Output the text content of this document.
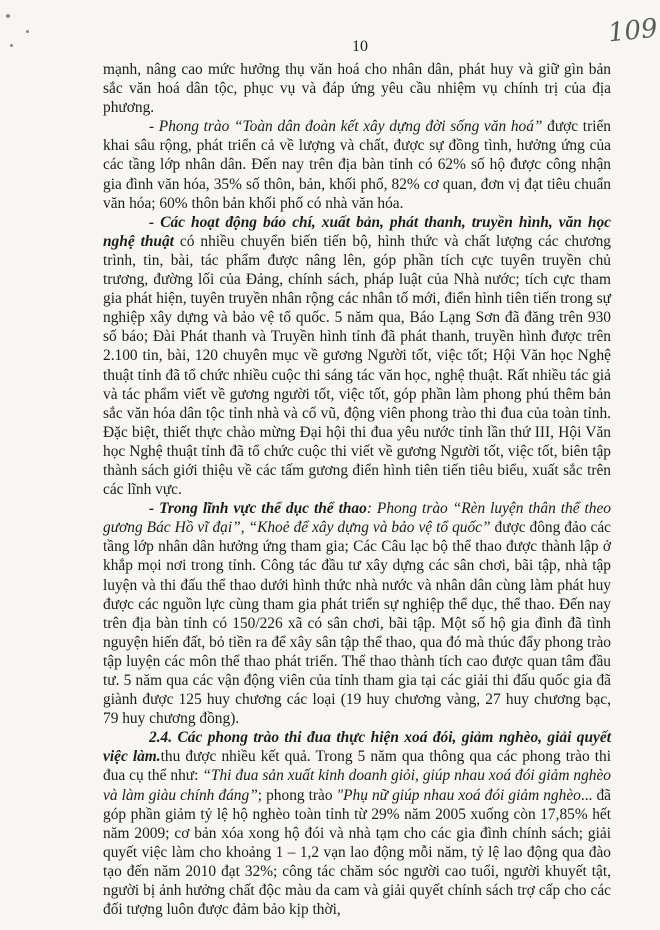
10	109

mạnh, nâng cao mức hưởng thụ văn hoá cho nhân dân, phát huy và giữ gìn bản sắc văn hoá dân tộc, phục vụ và đáp ứng yêu cầu nhiệm vụ chính trị của địa phương.

- Phong trào “Toàn dân đoàn kết xây dựng đời sống văn hoá” được triển khai sâu rộng, phát triển cả về lượng và chất, được sự đồng tình, hưởng ứng của các tầng lớp nhân dân. Đến nay trên địa bàn tỉnh có 62% số hộ được công nhận gia đình văn hóa, 35% số thôn, bản, khối phố, 82% cơ quan, đơn vị đạt tiêu chuẩn văn hóa; 60% thôn bản khối phố có nhà văn hóa.

- Các hoạt động báo chí, xuất bản, phát thanh, truyền hình, văn học nghệ thuật có nhiều chuyển biến tiến bộ, hình thức và chất lượng các chương trình, tin, bài, tác phẩm được nâng lên, góp phần tích cực tuyên truyền chủ trương, đường lối của Đảng, chính sách, pháp luật của Nhà nước; tích cực tham gia phát hiện, tuyên truyền nhân rộng các nhân tố mới, điển hình tiên tiến trong sự nghiệp xây dựng và bảo vệ tổ quốc. 5 năm qua, Báo Lạng Sơn đã đăng trên 930 số báo; Đài Phát thanh và Truyền hình tỉnh đã phát thanh, truyền hình được trên 2.100 tin, bài, 120 chuyên mục về gương Người tốt, việc tốt; Hội Văn học Nghệ thuật tỉnh đã tổ chức nhiều cuộc thi sáng tác văn học, nghệ thuật. Rất nhiều tác giả và tác phẩm viết về gương người tốt, việc tốt, góp phần làm phong phú thêm bản sắc văn hóa dân tộc tỉnh nhà và cổ vũ, động viên phong trào thi đua của toàn tỉnh. Đặc biệt, thiết thực chào mừng Đại hội thi đua yêu nước tỉnh lần thứ III, Hội Văn học Nghệ thuật tỉnh đã tổ chức cuộc thi viết về gương Người tốt, việc tốt, biên tập thành sách giới thiệu về các tấm gương điển hình tiên tiến tiêu biểu, xuất sắc trên các lĩnh vực.

- Trong lĩnh vực thể dục thể thao: Phong trào “Rèn luyện thân thể theo gương Bác Hồ vĩ đại”, “Khoẻ để xây dựng và bảo vệ tổ quốc” được đông đảo các tầng lớp nhân dân hưởng ứng tham gia; Các Câu lạc bộ thể thao được thành lập ở khắp mọi nơi trong tỉnh. Công tác đầu tư xây dựng các sân chơi, bãi tập, nhà tập luyện và thi đấu thể thao dưới hình thức nhà nước và nhân dân cùng làm phát huy được các nguồn lực cùng tham gia phát triển sự nghiệp thể dục, thể thao. Đến nay trên địa bàn tỉnh có 150/226 xã có sân chơi, bãi tập. Một số hộ gia đình đã tình nguyện hiến đất, bỏ tiền ra để xây sân tập thể thao, qua đó mà thúc đẩy phong trào tập luyện các môn thể thao phát triển. Thể thao thành tích cao được quan tâm đầu tư. 5 năm qua các vận động viên của tỉnh tham gia tại các giải thi đấu quốc gia đã giành được 125 huy chương các loại (19 huy chương vàng, 27 huy chương bạc, 79 huy chương đồng).

2.4. Các phong trào thi đua thực hiện xoá đói, giảm nghèo, giải quyết việc làm.thu được nhiều kết quả. Trong 5 năm qua thông qua các phong trào thi đua cụ thể như: “Thi đua sản xuất kinh doanh giỏi, giúp nhau xoá đói giảm nghèo và làm giàu chính đáng”; phong trào "Phụ nữ giúp nhau xoá đói giảm nghèo... đã góp phần giảm tỷ lệ hộ nghèo toàn tỉnh từ 29% năm 2005 xuống còn 17,85% hết năm 2009; cơ bản xóa xong hộ đói và nhà tạm cho các gia đình chính sách; giải quyết việc làm cho khoảng 1 – 1,2 vạn lao động mỗi năm, tỷ lệ lao động qua đào tạo đến năm 2010 đạt 32%; công tác chăm sóc người cao tuổi, người khuyết tật, người bị ảnh hưởng chất độc màu da cam và giải quyết chính sách trợ cấp cho các đối tượng luôn được đảm bảo kịp thời,
